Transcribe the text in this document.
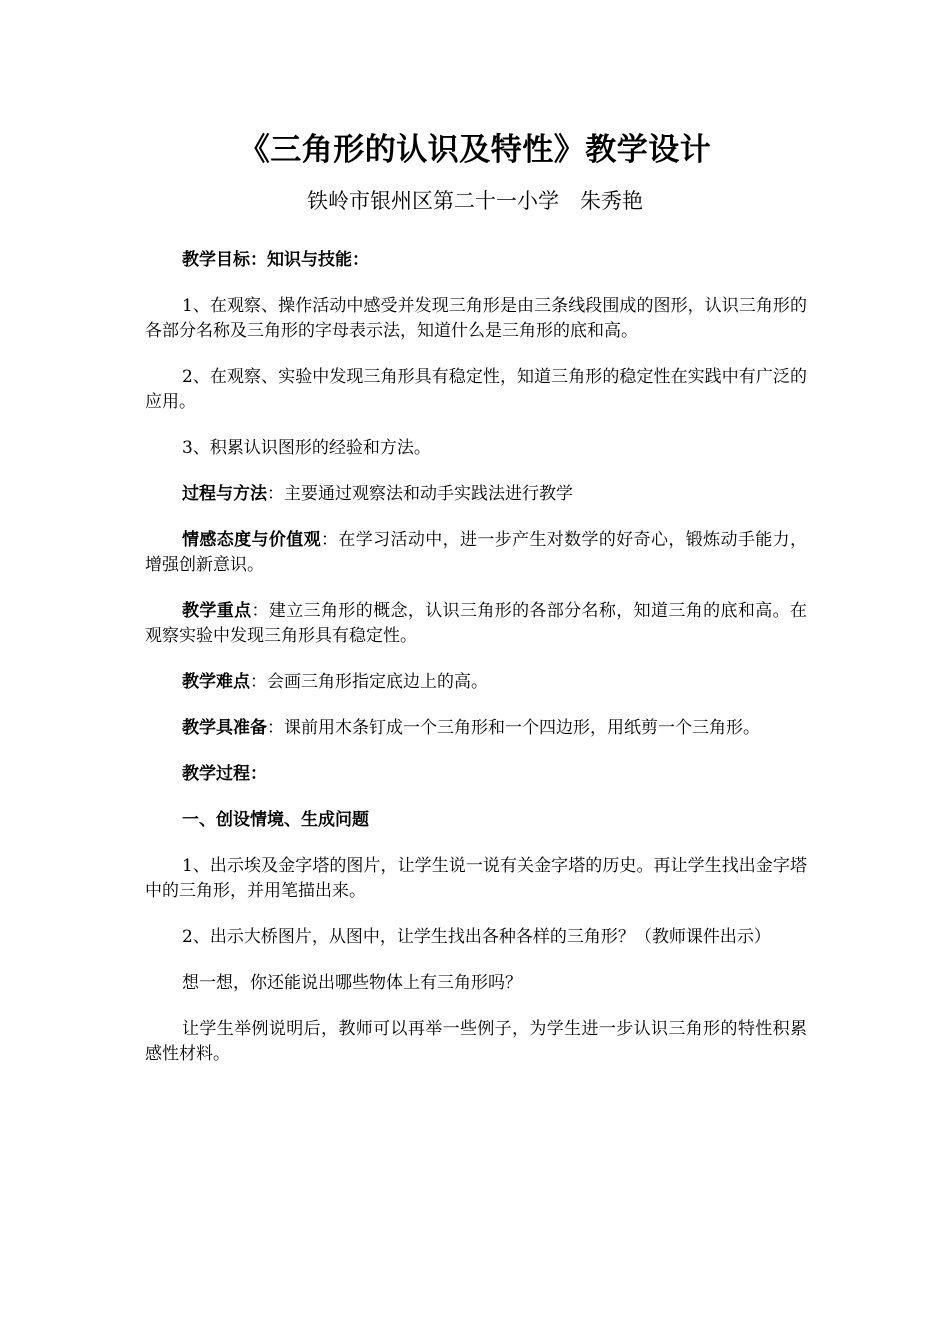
《三角形的认识及特性》教学设计
铁岭市银州区第二十一小学　朱秀艳

教学目标：知识与技能：

1、在观察、操作活动中感受并发现三角形是由三条线段围成的图形，认识三角形的各部分名称及三角形的字母表示法，知道什么是三角形的底和高。

2、在观察、实验中发现三角形具有稳定性，知道三角形的稳定性在实践中有广泛的应用。

3、积累认识图形的经验和方法。

过程与方法：主要通过观察法和动手实践法进行教学

情感态度与价值观：在学习活动中，进一步产生对数学的好奇心，锻炼动手能力，增强创新意识。

教学重点：建立三角形的概念，认识三角形的各部分名称，知道三角的底和高。在观察实验中发现三角形具有稳定性。

教学难点：会画三角形指定底边上的高。

教学具准备：课前用木条钉成一个三角形和一个四边形，用纸剪一个三角形。

教学过程：

一、创设情境、生成问题

1、出示埃及金字塔的图片，让学生说一说有关金字塔的历史。再让学生找出金字塔中的三角形，并用笔描出来。

2、出示大桥图片，从图中，让学生找出各种各样的三角形？（教师课件出示）

想一想，你还能说出哪些物体上有三角形吗？

让学生举例说明后，教师可以再举一些例子，为学生进一步认识三角形的特性积累感性材料。
